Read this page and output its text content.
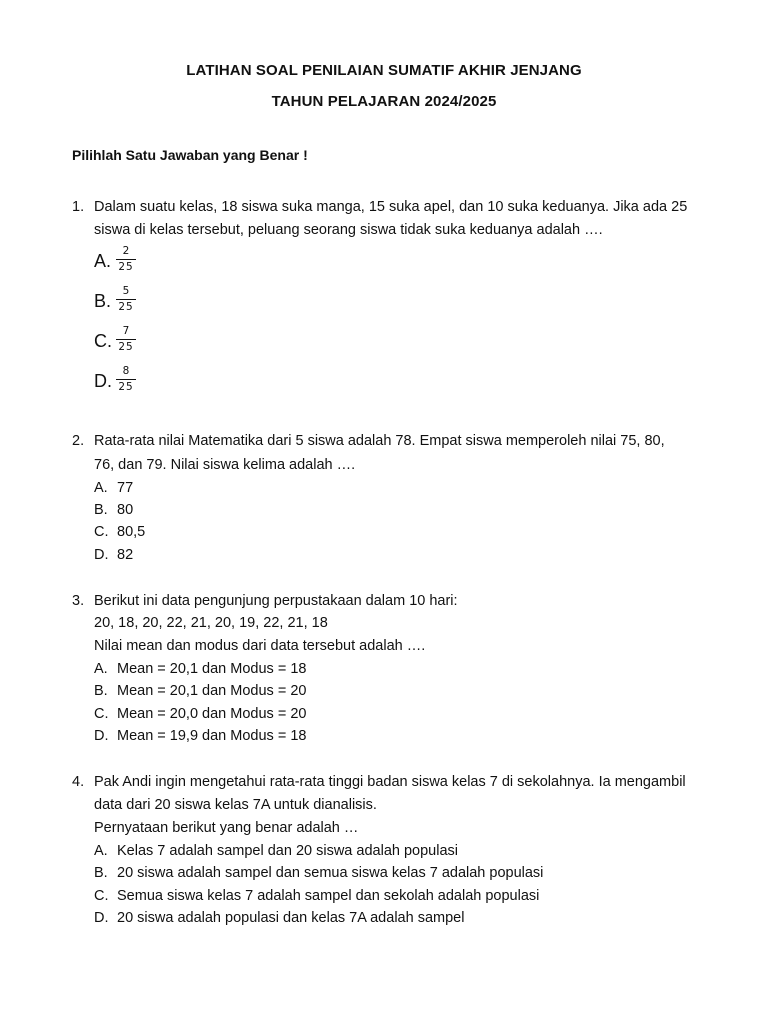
LATIHAN SOAL PENILAIAN SUMATIF AKHIR JENJANG
TAHUN PELAJARAN 2024/2025
Pilihlah Satu Jawaban yang Benar !
1. Dalam suatu kelas, 18 siswa suka manga, 15 suka apel, dan 10 suka keduanya. Jika ada 25
siswa di kelas tersebut, peluang seorang siswa tidak suka keduanya adalah ….
A.	2
25
B.	5
25
C.	7
25
D.	8
25
2. Rata-rata nilai Matematika dari 5 siswa adalah 78. Empat siswa memperoleh nilai 75, 80,
76, dan 79. Nilai siswa kelima adalah ….
A. 77
B. 80
C. 80,5
D. 82
3. Berikut ini data pengunjung perpustakaan dalam 10 hari:
20, 18, 20, 22, 21, 20, 19, 22, 21, 18
Nilai mean dan modus dari data tersebut adalah ….
A. Mean = 20,1 dan Modus = 18
B. Mean = 20,1 dan Modus = 20
C. Mean = 20,0 dan Modus = 20
D. Mean = 19,9 dan Modus = 18
4. Pak Andi ingin mengetahui rata-rata tinggi badan siswa kelas 7 di sekolahnya. Ia mengambil
data dari 20 siswa kelas 7A untuk dianalisis.
Pernyataan berikut yang benar adalah …
A. Kelas 7 adalah sampel dan 20 siswa adalah populasi
B. 20 siswa adalah sampel dan semua siswa kelas 7 adalah populasi
C. Semua siswa kelas 7 adalah sampel dan sekolah adalah populasi
D. 20 siswa adalah populasi dan kelas 7A adalah sampel
